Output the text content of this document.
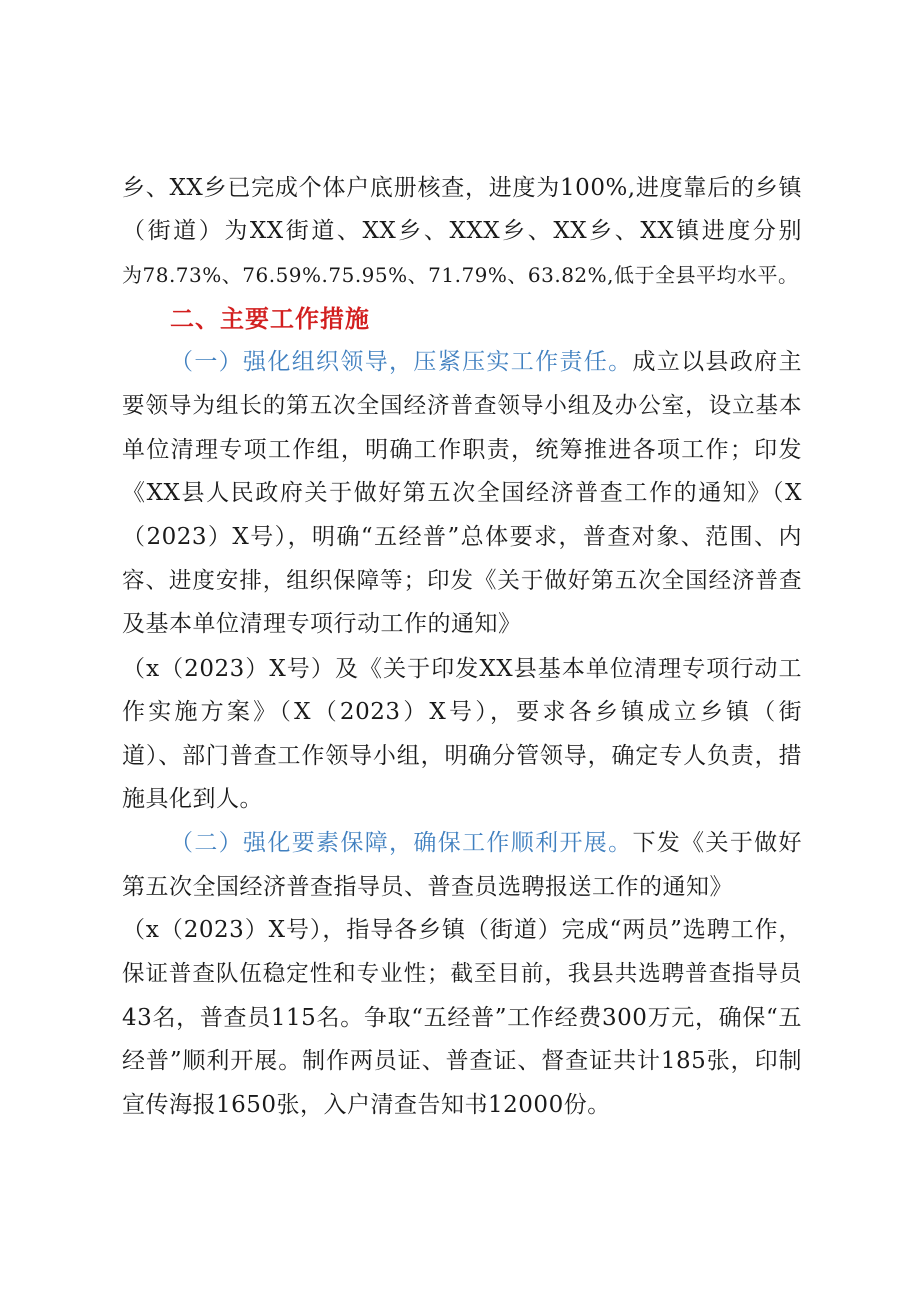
乡、XX乡已完成个体户底册核查，进度为100%,进度靠后的乡镇
（街道）为XX街道、XX乡、XXX乡、XX乡、XX镇进度分别
为78.73%、76.59%.75.95%、71.79%、63.82%,低于全县平均水平。
二、主要工作措施
（一）强化组织领导，压紧压实工作责任。成立以县政府主
要领导为组长的第五次全国经济普查领导小组及办公室，设立基本
单位清理专项工作组，明确工作职责，统筹推进各项工作；印发
《XX县人民政府关于做好第五次全国经济普查工作的通知》（X
（2023）X号），明确“五经普”总体要求，普查对象、范围、内
容、进度安排，组织保障等；印发《关于做好第五次全国经济普查
及基本单位清理专项行动工作的通知》
（x（2023）X号）及《关于印发XX县基本单位清理专项行动工
作实施方案》（X（2023）X号），要求各乡镇成立乡镇（街
道）、部门普查工作领导小组，明确分管领导，确定专人负责，措
施具化到人。
（二）强化要素保障，确保工作顺利开展。下发《关于做好
第五次全国经济普查指导员、普查员选聘报送工作的通知》
（x（2023）X号），指导各乡镇（街道）完成“两员”选聘工作，
保证普查队伍稳定性和专业性；截至目前，我县共选聘普查指导员
43名，普查员115名。争取“五经普”工作经费300万元，确保“五
经普”顺利开展。制作两员证、普查证、督查证共计185张，印制
宣传海报1650张，入户清查告知书12000份。
